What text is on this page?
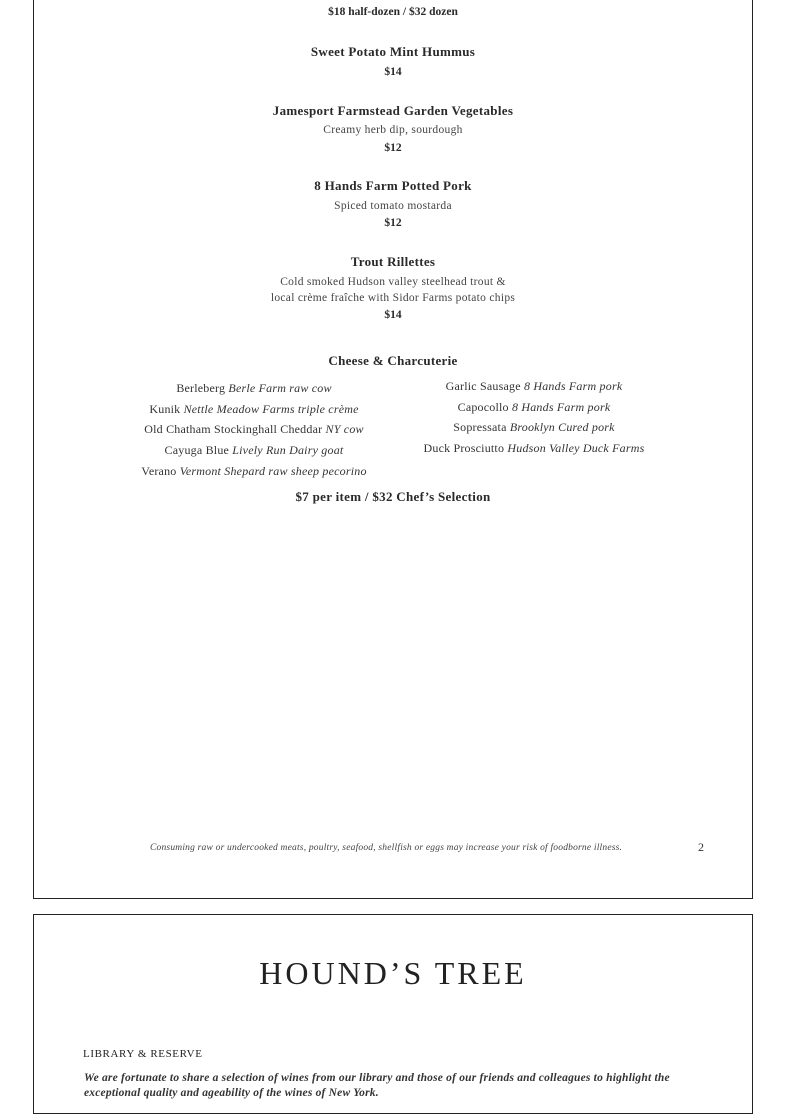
$18 half-dozen / $32 dozen
Sweet Potato Mint Hummus
$14
Jamesport Farmstead Garden Vegetables
Creamy herb dip, sourdough
$12
8 Hands Farm Potted Pork
Spiced tomato mostarda
$12
Trout Rillettes
Cold smoked Hudson valley steelhead trout &
local crème fraîche with Sidor Farms potato chips
$14
Cheese & Charcuterie
Berleberg Berle Farm raw cow
Kunik Nettle Meadow Farms triple crème
Old Chatham Stockinghall Cheddar NY cow
Cayuga Blue Lively Run Dairy goat
Verano Vermont Shepard raw sheep pecorino
Garlic Sausage 8 Hands Farm pork
Capocollo 8 Hands Farm pork
Sopressata Brooklyn Cured pork
Duck Prosciutto Hudson Valley Duck Farms
$7 per item / $32 Chef’s Selection
Consuming raw or undercooked meats, poultry, seafood, shellfish or eggs may increase your risk of foodborne illness.	2
HOUND’S TREE
LIBRARY & RESERVE
We are fortunate to share a selection of wines from our library and those of our friends and colleagues to highlight the
exceptional quality and ageability of the wines of New York.
